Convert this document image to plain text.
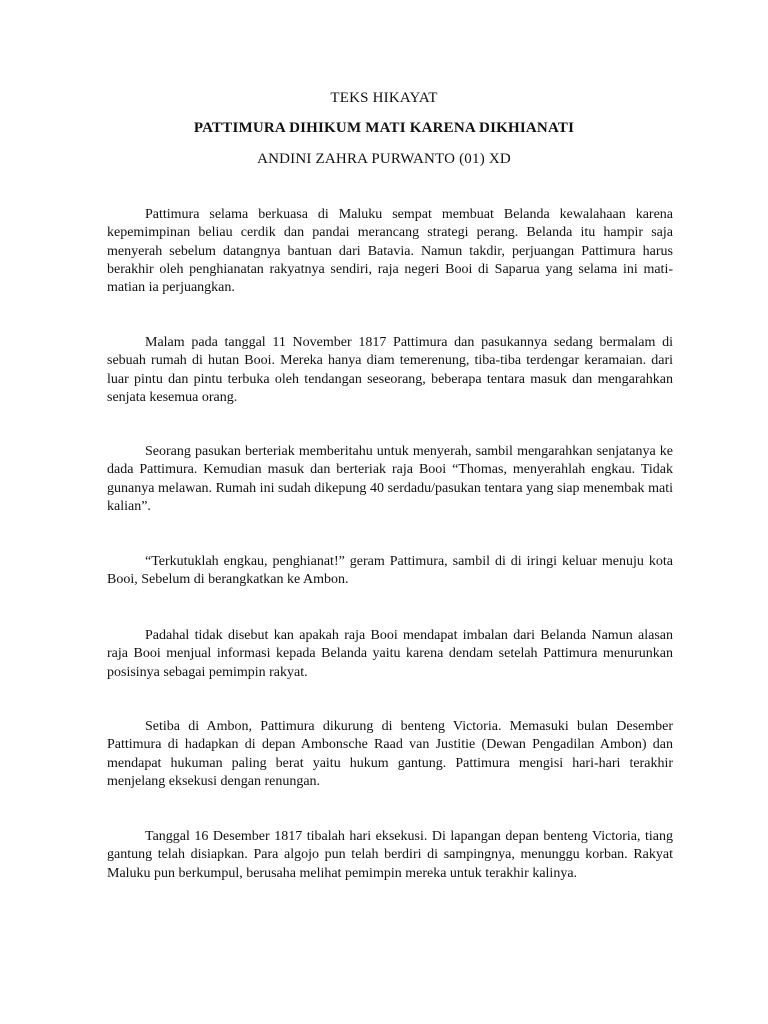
TEKS HIKAYAT
PATTIMURA DIHIKUM MATI KARENA DIKHIANATI
ANDINI ZAHRA PURWANTO (01) XD

Pattimura selama berkuasa di Maluku sempat membuat Belanda kewalahaan karena kepemimpinan beliau cerdik dan pandai merancang strategi perang. Belanda itu hampir saja menyerah sebelum datangnya bantuan dari Batavia. Namun takdir, perjuangan Pattimura harus berakhir oleh penghianatan rakyatnya sendiri, raja negeri Booi di Saparua yang selama ini mati-matian ia perjuangkan.

Malam pada tanggal 11 November 1817 Pattimura dan pasukannya sedang bermalam di sebuah rumah di hutan Booi. Mereka hanya diam temerenung, tiba-tiba terdengar keramaian. dari luar pintu dan pintu terbuka oleh tendangan seseorang, beberapa tentara masuk dan mengarahkan senjata kesemua orang.

Seorang pasukan berteriak memberitahu untuk menyerah, sambil mengarahkan senjatanya ke dada Pattimura. Kemudian masuk dan berteriak raja Booi “Thomas, menyerahlah engkau. Tidak gunanya melawan. Rumah ini sudah dikepung 40 serdadu/pasukan tentara yang siap menembak mati kalian”.

“Terkutuklah engkau, penghianat!” geram Pattimura, sambil di di iringi keluar menuju kota Booi, Sebelum di berangkatkan ke Ambon.

Padahal tidak disebut kan apakah raja Booi mendapat imbalan dari Belanda Namun alasan raja Booi menjual informasi kepada Belanda yaitu karena dendam setelah Pattimura menurunkan posisinya sebagai pemimpin rakyat.

Setiba di Ambon, Pattimura dikurung di benteng Victoria. Memasuki bulan Desember Pattimura di hadapkan di depan Ambonsche Raad van Justitie (Dewan Pengadilan Ambon) dan mendapat hukuman paling berat yaitu hukum gantung. Pattimura mengisi hari-hari terakhir menjelang eksekusi dengan renungan.

Tanggal 16 Desember 1817 tibalah hari eksekusi. Di lapangan depan benteng Victoria, tiang gantung telah disiapkan. Para algojo pun telah berdiri di sampingnya, menunggu korban. Rakyat Maluku pun berkumpul, berusaha melihat pemimpin mereka untuk terakhir kalinya.
